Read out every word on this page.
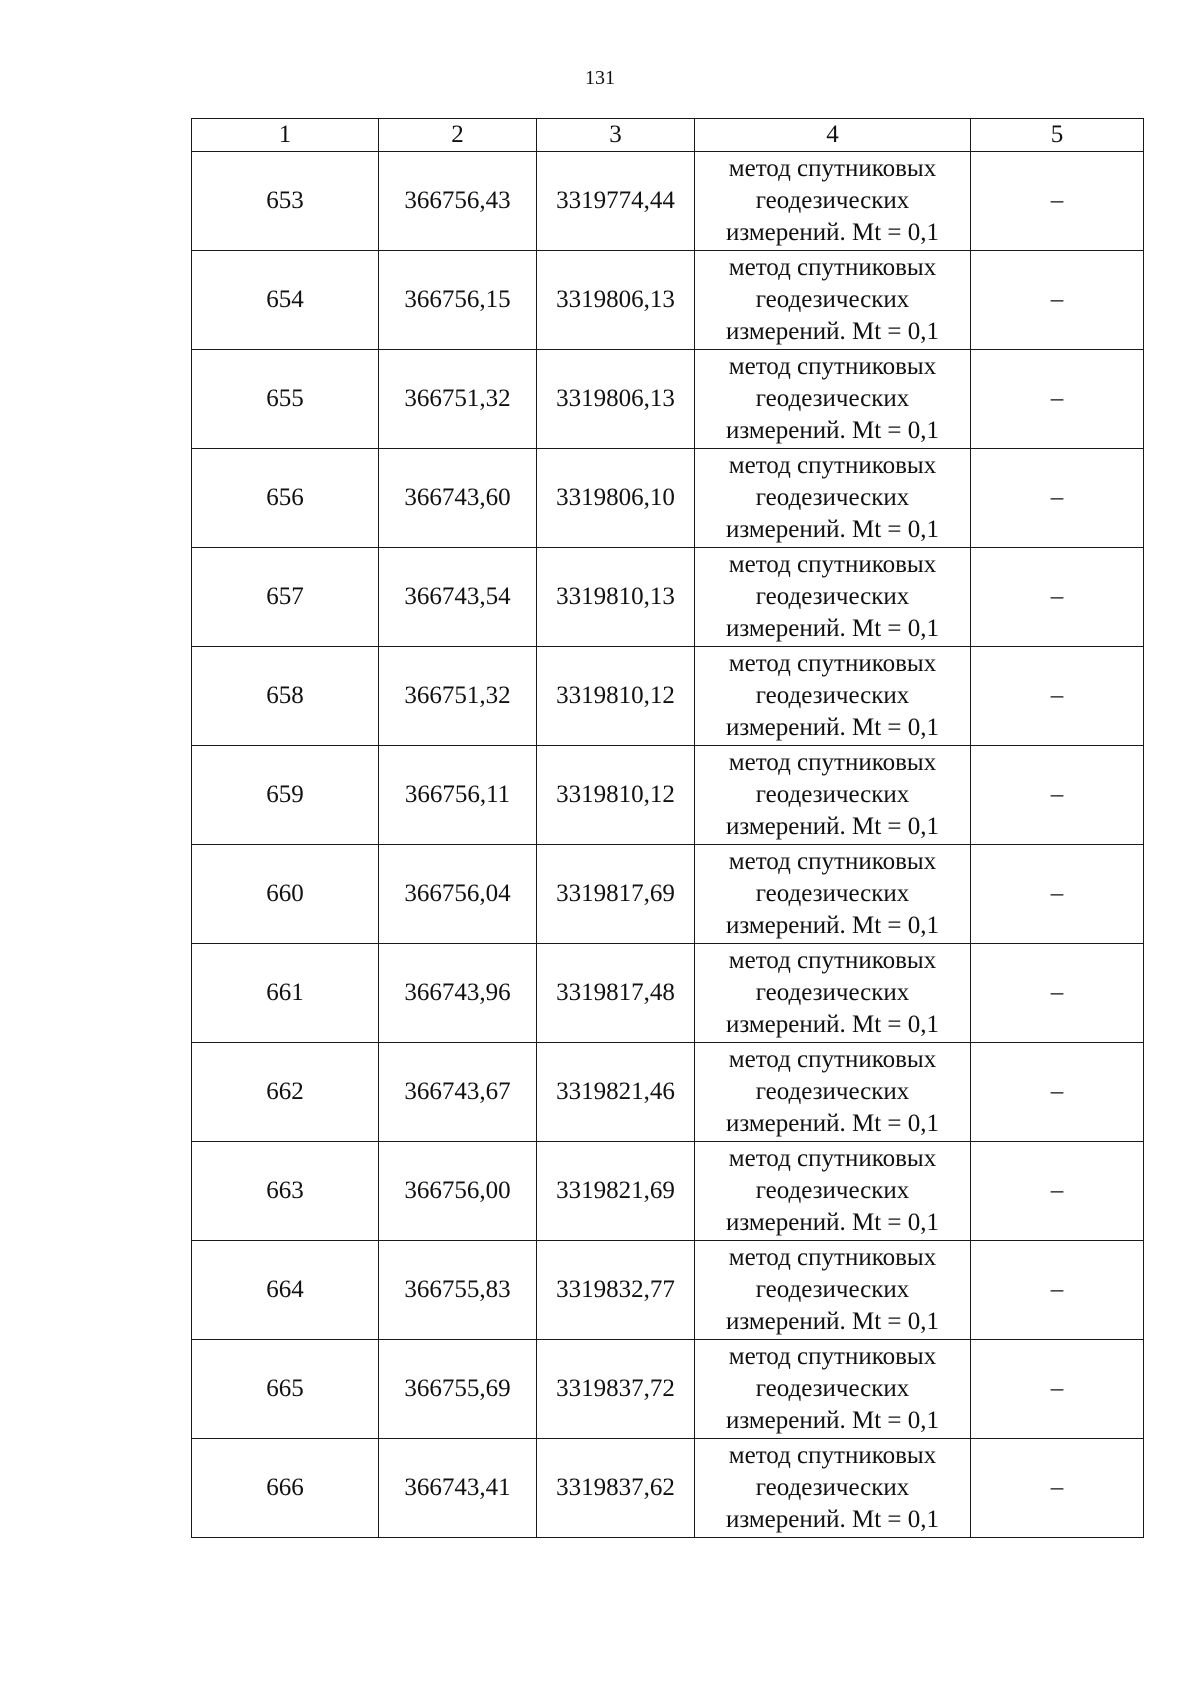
131
1	2	3	4	5
653	366756,43	3319774,44	метод спутниковых
геодезических
измерений. Mt = 0,1	–
654	366756,15	3319806,13	метод спутниковых
геодезических
измерений. Mt = 0,1	–
655	366751,32	3319806,13	метод спутниковых
геодезических
измерений. Mt = 0,1	–
656	366743,60	3319806,10	метод спутниковых
геодезических
измерений. Mt = 0,1	–
657	366743,54	3319810,13	метод спутниковых
геодезических
измерений. Mt = 0,1	–
658	366751,32	3319810,12	метод спутниковых
геодезических
измерений. Mt = 0,1	–
659	366756,11	3319810,12	метод спутниковых
геодезических
измерений. Mt = 0,1	–
660	366756,04	3319817,69	метод спутниковых
геодезических
измерений. Mt = 0,1	–
661	366743,96	3319817,48	метод спутниковых
геодезических
измерений. Mt = 0,1	–
662	366743,67	3319821,46	метод спутниковых
геодезических
измерений. Mt = 0,1	–
663	366756,00	3319821,69	метод спутниковых
геодезических
измерений. Mt = 0,1	–
664	366755,83	3319832,77	метод спутниковых
геодезических
измерений. Mt = 0,1	–
665	366755,69	3319837,72	метод спутниковых
геодезических
измерений. Mt = 0,1	–
666	366743,41	3319837,62	метод спутниковых
геодезических
измерений. Mt = 0,1	–
